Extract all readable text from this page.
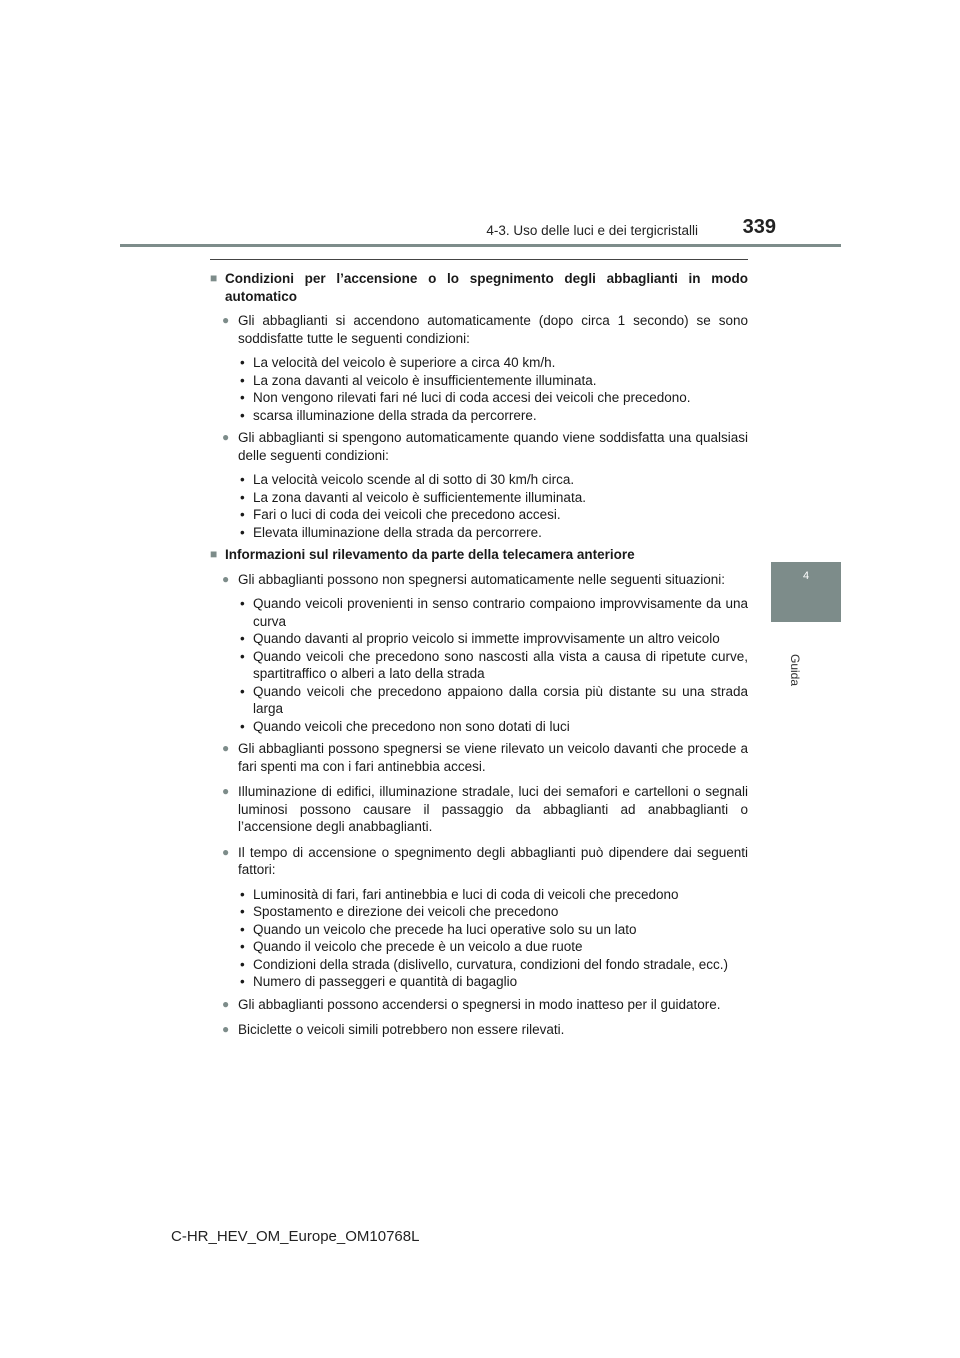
4-3. Uso delle luci e dei tergicristalli 339
4
Guida
■ Condizioni per l’accensione o lo spegnimento degli abbaglianti in modo automatico
● Gli abbaglianti si accendono automaticamente (dopo circa 1 secondo) se sono soddisfatte tutte le seguenti condizioni:
• La velocità del veicolo è superiore a circa 40 km/h.
• La zona davanti al veicolo è insufficientemente illuminata.
• Non vengono rilevati fari né luci di coda accesi dei veicoli che precedono.
• scarsa illuminazione della strada da percorrere.
● Gli abbaglianti si spengono automaticamente quando viene soddisfatta una qualsiasi delle seguenti condizioni:
• La velocità veicolo scende al di sotto di 30 km/h circa.
• La zona davanti al veicolo è sufficientemente illuminata.
• Fari o luci di coda dei veicoli che precedono accesi.
• Elevata illuminazione della strada da percorrere.
■ Informazioni sul rilevamento da parte della telecamera anteriore
● Gli abbaglianti possono non spegnersi automaticamente nelle seguenti situazioni:
• Quando veicoli provenienti in senso contrario compaiono improvvisamente da una curva
• Quando davanti al proprio veicolo si immette improvvisamente un altro veicolo
• Quando veicoli che precedono sono nascosti alla vista a causa di ripetute curve, spartitraffico o alberi a lato della strada
• Quando veicoli che precedono appaiono dalla corsia più distante su una strada larga
• Quando veicoli che precedono non sono dotati di luci
● Gli abbaglianti possono spegnersi se viene rilevato un veicolo davanti che procede a fari spenti ma con i fari antinebbia accesi.
● Illuminazione di edifici, illuminazione stradale, luci dei semafori e cartelloni o segnali luminosi possono causare il passaggio da abbaglianti ad anabbaglianti o l’accensione degli anabbaglianti.
● Il tempo di accensione o spegnimento degli abbaglianti può dipendere dai seguenti fattori:
• Luminosità di fari, fari antinebbia e luci di coda di veicoli che precedono
• Spostamento e direzione dei veicoli che precedono
• Quando un veicolo che precede ha luci operative solo su un lato
• Quando il veicolo che precede è un veicolo a due ruote
• Condizioni della strada (dislivello, curvatura, condizioni del fondo stradale, ecc.)
• Numero di passeggeri e quantità di bagaglio
● Gli abbaglianti possono accendersi o spegnersi in modo inatteso per il guidatore.
● Biciclette o veicoli simili potrebbero non essere rilevati.
C-HR_HEV_OM_Europe_OM10768L
